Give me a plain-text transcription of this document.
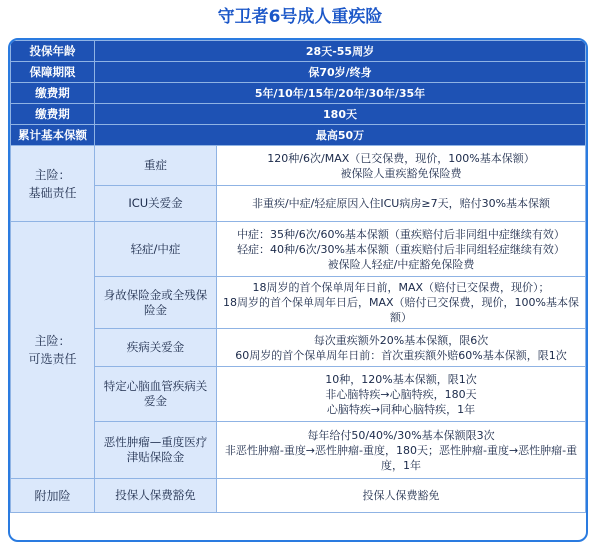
守卫者6号成人重疾险
投保年龄	28天-55周岁	
保障期限	保70岁/终身	
缴费期	5年/10年/15年/20年/30年/35年	
缴费期	180天	
累计基本保额	最高50万	

主险：
基础责任	重症	120种/6次/MAX（已交保费，现价，100%基本保额）
被保险人重疾豁免保险费

	ICU关爱金	非重疾/中症/轻症原因入住ICU病房≥7天，赔付30%基本保额

主险：
可选责任	轻症/中症	中症：35种/6次/60%基本保额（重疾赔付后非同组中症继续有效）
轻症：40种/6次/30%基本保额（重疾赔付后非同组轻症继续有效）
被保险人轻症/中症豁免保险费

	身故保险金或全残保险金	18周岁的首个保单周年日前，MAX（赔付已交保费，现价）；
18周岁的首个保单周年日后，MAX（赔付已交保费，现价，100%基本保额）

	疾病关爱金	每次重疾额外20%基本保额，限6次
60周岁的首个保单周年日前：首次重疾额外赔60%基本保额，限1次

	特定心脑血管疾病关爱金	10种，120%基本保额，限1次
非心脑特疾→心脑特疾，180天
心脑特疾→同种心脑特疾，1年

	恶性肿瘤—重度医疗津贴保险金	每年给付50/40%/30%基本保额限3次
非恶性肿瘤-重度→恶性肿瘤-重度，180天；恶性肿瘤-重度→恶性肿瘤-重度，1年

附加险	投保人保费豁免	投保人保费豁免
